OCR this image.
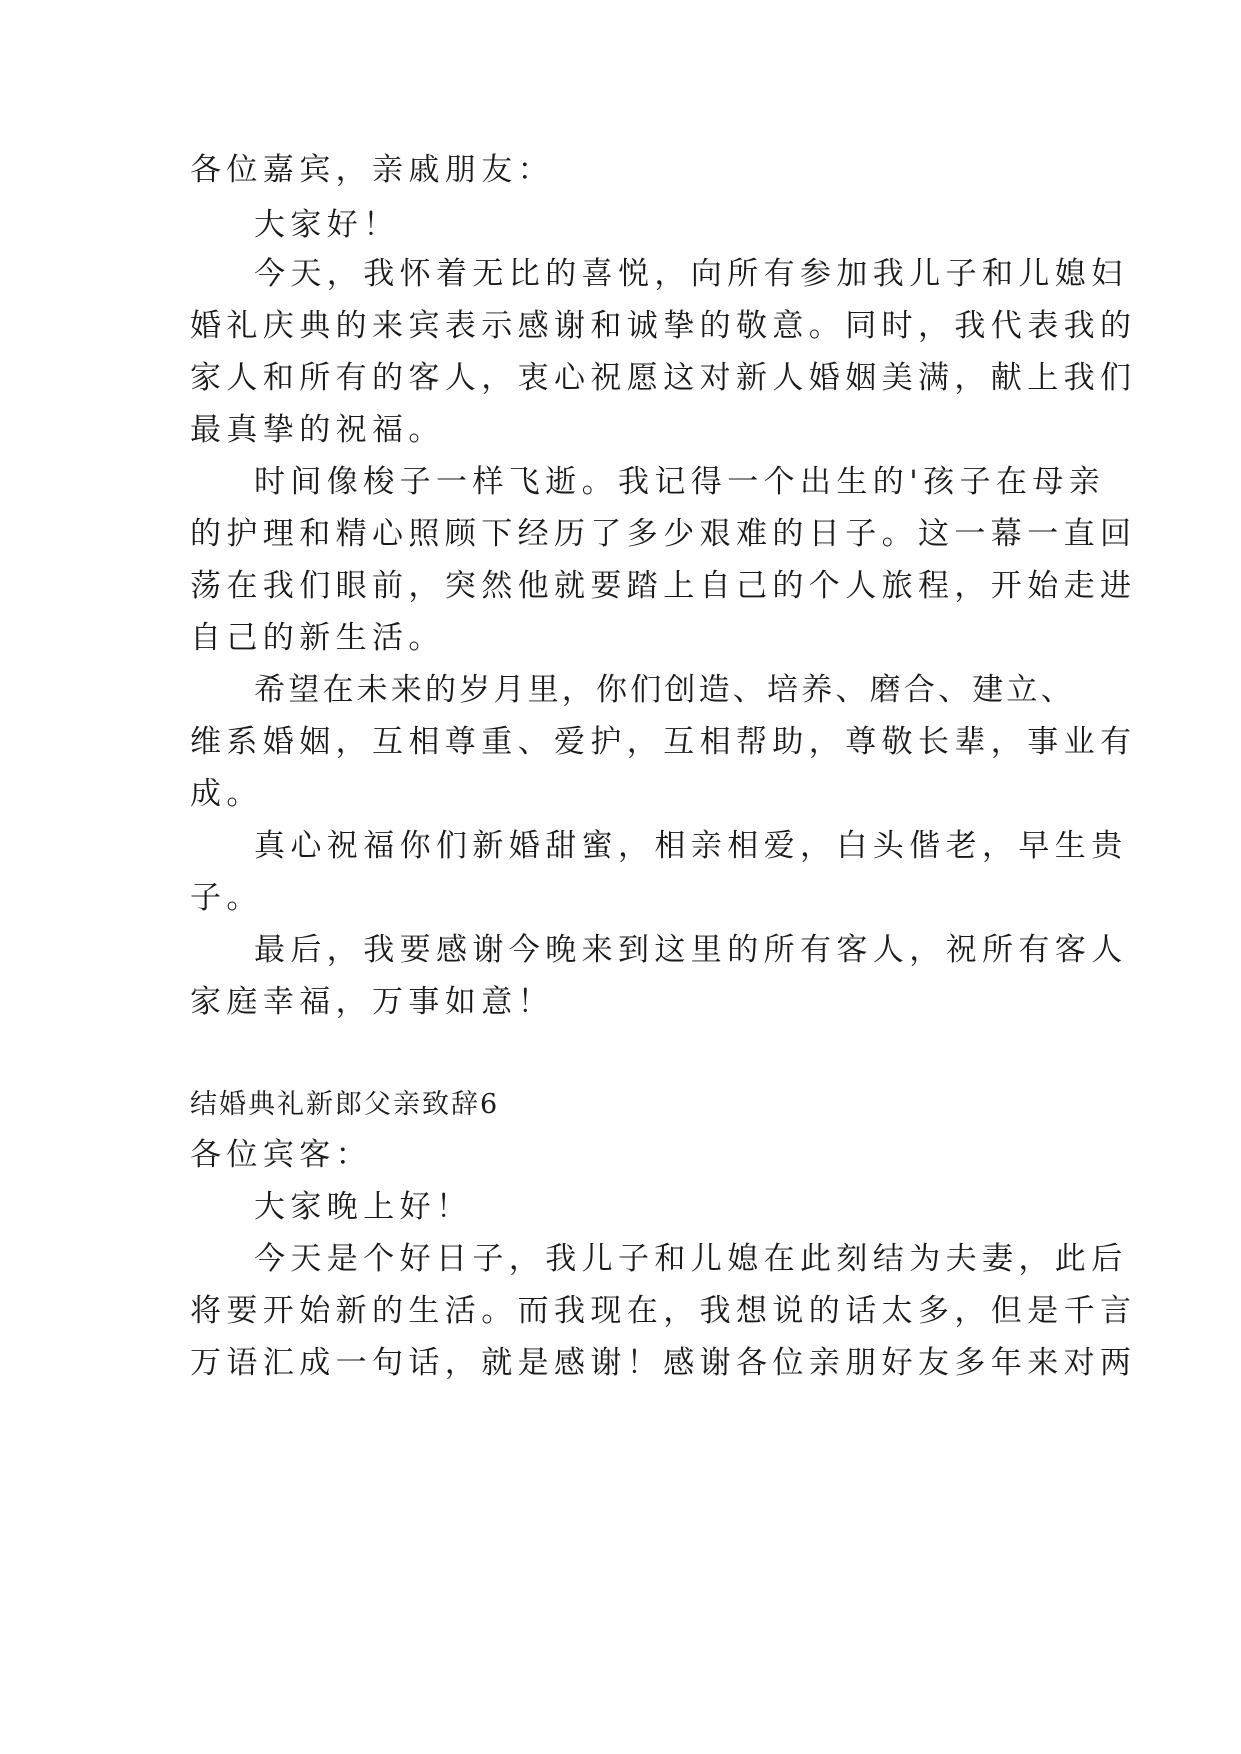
各位嘉宾，亲戚朋友：
大家好！
今天，我怀着无比的喜悦，向所有参加我儿子和儿媳妇
婚礼庆典的来宾表示感谢和诚挚的敬意。同时，我代表我的
家人和所有的客人，衷心祝愿这对新人婚姻美满，献上我们
最真挚的祝福。
时间像梭子一样飞逝。我记得一个出生的'孩子在母亲
的护理和精心照顾下经历了多少艰难的日子。这一幕一直回
荡在我们眼前，突然他就要踏上自己的个人旅程，开始走进
自己的新生活。
希望在未来的岁月里，你们创造、培养、磨合、建立、
维系婚姻，互相尊重、爱护，互相帮助，尊敬长辈，事业有
成。
真心祝福你们新婚甜蜜，相亲相爱，白头偕老，早生贵
子。
最后，我要感谢今晚来到这里的所有客人，祝所有客人
家庭幸福，万事如意！
结婚典礼新郎父亲致辞6
各位宾客：
大家晚上好！
今天是个好日子，我儿子和儿媳在此刻结为夫妻，此后
将要开始新的生活。而我现在，我想说的话太多，但是千言
万语汇成一句话，就是感谢！感谢各位亲朋好友多年来对两
